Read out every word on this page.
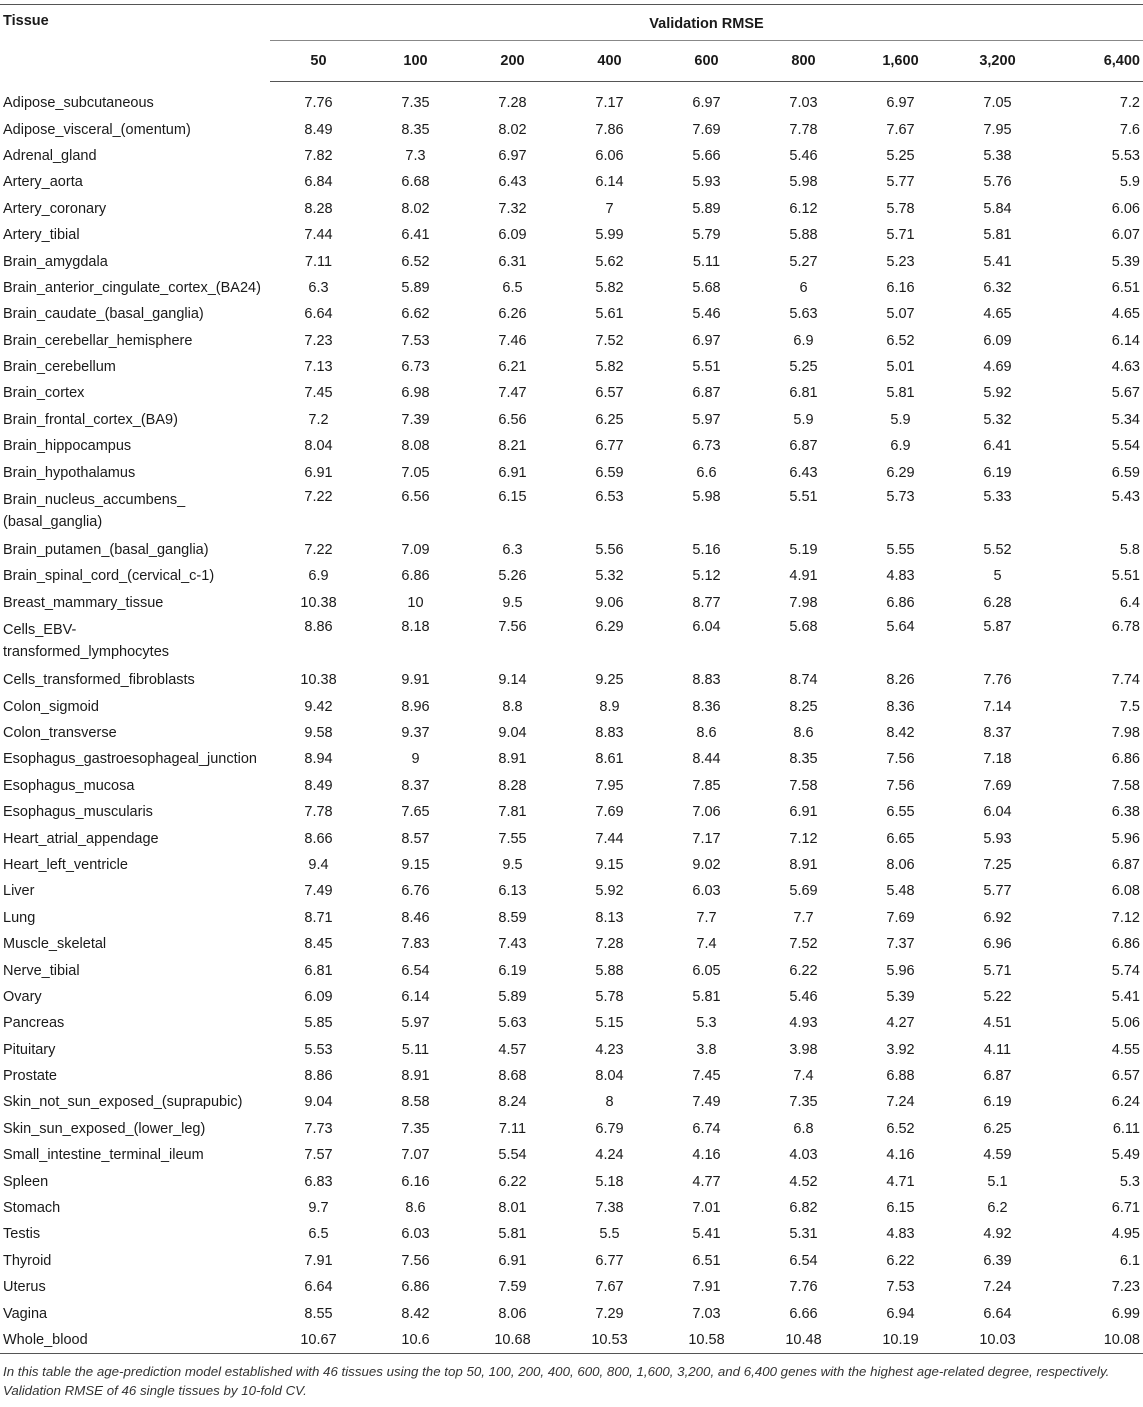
Tissue	Validation RMSE								
	50	100	200	400	600	800	1,600	3,200	6,400
Adipose_subcutaneous	7.76	7.35	7.28	7.17	6.97	7.03	6.97	7.05	7.2
Adipose_visceral_(omentum)	8.49	8.35	8.02	7.86	7.69	7.78	7.67	7.95	7.6
Adrenal_gland	7.82	7.3	6.97	6.06	5.66	5.46	5.25	5.38	5.53
Artery_aorta	6.84	6.68	6.43	6.14	5.93	5.98	5.77	5.76	5.9
Artery_coronary	8.28	8.02	7.32	7	5.89	6.12	5.78	5.84	6.06
Artery_tibial	7.44	6.41	6.09	5.99	5.79	5.88	5.71	5.81	6.07
Brain_amygdala	7.11	6.52	6.31	5.62	5.11	5.27	5.23	5.41	5.39
Brain_anterior_cingulate_cortex_(BA24)	6.3	5.89	6.5	5.82	5.68	6	6.16	6.32	6.51
Brain_caudate_(basal_ganglia)	6.64	6.62	6.26	5.61	5.46	5.63	5.07	4.65	4.65
Brain_cerebellar_hemisphere	7.23	7.53	7.46	7.52	6.97	6.9	6.52	6.09	6.14
Brain_cerebellum	7.13	6.73	6.21	5.82	5.51	5.25	5.01	4.69	4.63
Brain_cortex	7.45	6.98	7.47	6.57	6.87	6.81	5.81	5.92	5.67
Brain_frontal_cortex_(BA9)	7.2	7.39	6.56	6.25	5.97	5.9	5.9	5.32	5.34
Brain_hippocampus	8.04	8.08	8.21	6.77	6.73	6.87	6.9	6.41	5.54
Brain_hypothalamus	6.91	7.05	6.91	6.59	6.6	6.43	6.29	6.19	6.59
Brain_nucleus_accumbens_
(basal_ganglia)	7.22	6.56	6.15	6.53	5.98	5.51	5.73	5.33	5.43
Brain_putamen_(basal_ganglia)	7.22	7.09	6.3	5.56	5.16	5.19	5.55	5.52	5.8
Brain_spinal_cord_(cervical_c-1)	6.9	6.86	5.26	5.32	5.12	4.91	4.83	5	5.51
Breast_mammary_tissue	10.38	10	9.5	9.06	8.77	7.98	6.86	6.28	6.4
Cells_EBV-
transformed_lymphocytes	8.86	8.18	7.56	6.29	6.04	5.68	5.64	5.87	6.78
Cells_transformed_fibroblasts	10.38	9.91	9.14	9.25	8.83	8.74	8.26	7.76	7.74
Colon_sigmoid	9.42	8.96	8.8	8.9	8.36	8.25	8.36	7.14	7.5
Colon_transverse	9.58	9.37	9.04	8.83	8.6	8.6	8.42	8.37	7.98
Esophagus_gastroesophageal_junction	8.94	9	8.91	8.61	8.44	8.35	7.56	7.18	6.86
Esophagus_mucosa	8.49	8.37	8.28	7.95	7.85	7.58	7.56	7.69	7.58
Esophagus_muscularis	7.78	7.65	7.81	7.69	7.06	6.91	6.55	6.04	6.38
Heart_atrial_appendage	8.66	8.57	7.55	7.44	7.17	7.12	6.65	5.93	5.96
Heart_left_ventricle	9.4	9.15	9.5	9.15	9.02	8.91	8.06	7.25	6.87
Liver	7.49	6.76	6.13	5.92	6.03	5.69	5.48	5.77	6.08
Lung	8.71	8.46	8.59	8.13	7.7	7.7	7.69	6.92	7.12
Muscle_skeletal	8.45	7.83	7.43	7.28	7.4	7.52	7.37	6.96	6.86
Nerve_tibial	6.81	6.54	6.19	5.88	6.05	6.22	5.96	5.71	5.74
Ovary	6.09	6.14	5.89	5.78	5.81	5.46	5.39	5.22	5.41
Pancreas	5.85	5.97	5.63	5.15	5.3	4.93	4.27	4.51	5.06
Pituitary	5.53	5.11	4.57	4.23	3.8	3.98	3.92	4.11	4.55
Prostate	8.86	8.91	8.68	8.04	7.45	7.4	6.88	6.87	6.57
Skin_not_sun_exposed_(suprapubic)	9.04	8.58	8.24	8	7.49	7.35	7.24	6.19	6.24
Skin_sun_exposed_(lower_leg)	7.73	7.35	7.11	6.79	6.74	6.8	6.52	6.25	6.11
Small_intestine_terminal_ileum	7.57	7.07	5.54	4.24	4.16	4.03	4.16	4.59	5.49
Spleen	6.83	6.16	6.22	5.18	4.77	4.52	4.71	5.1	5.3
Stomach	9.7	8.6	8.01	7.38	7.01	6.82	6.15	6.2	6.71
Testis	6.5	6.03	5.81	5.5	5.41	5.31	4.83	4.92	4.95
Thyroid	7.91	7.56	6.91	6.77	6.51	6.54	6.22	6.39	6.1
Uterus	6.64	6.86	7.59	7.67	7.91	7.76	7.53	7.24	7.23
Vagina	8.55	8.42	8.06	7.29	7.03	6.66	6.94	6.64	6.99
Whole_blood	10.67	10.6	10.68	10.53	10.58	10.48	10.19	10.03	10.08
In this table the age-prediction model established with 46 tissues using the top 50, 100, 200, 400, 600, 800, 1,600, 3,200, and 6,400 genes with the highest age-related degree, respectively. Validation RMSE of 46 single tissues by 10-fold CV.
